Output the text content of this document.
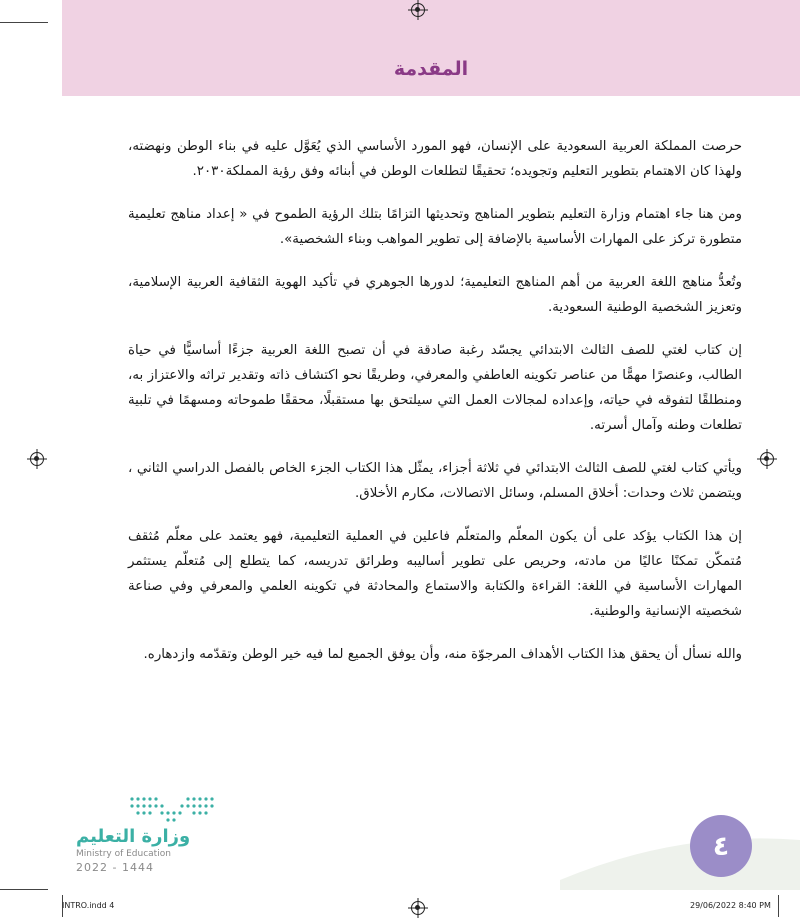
المقدمة

حرصت المملكة العربية السعودية على الإنسان، فهو المورد الأساسي الذي يُعَوَّل عليه في بناء الوطن ونهضته، ولهذا كان الاهتمام بتطوير التعليم وتجويده؛ تحقيقًا لتطلعات الوطن في أبنائه وفق رؤية المملكة٢٠٣٠.

ومن هنا جاء اهتمام وزارة التعليم بتطوير المناهج وتحديثها التزامًا بتلك الرؤية الطموح في « إعداد مناهج تعليمية متطورة تركز على المهارات الأساسية بالإضافة إلى تطوير المواهب وبناء الشخصية».

وتُعدُّ مناهج اللغة العربية من أهم المناهج التعليمية؛ لدورها الجوهري في تأكيد الهوية الثقافية العربية الإسلامية، وتعزيز الشخصية الوطنية السعودية.

إن كتاب لغتي للصف الثالث الابتدائي يجسّد رغبة صادقة في أن تصبح اللغة العربية جزءًا أساسيًّا في حياة الطالب، وعنصرًا مهمًّا من عناصر تكوينه العاطفي والمعرفي، وطريقًا نحو اكتشاف ذاته وتقدير تراثه والاعتزاز به، ومنطلقًا لتفوقه في حياته، وإعداده لمجالات العمل التي سيلتحق بها مستقبلًا، محققًا طموحاته ومسهمًا في تلبية تطلعات وطنه وآمال أسرته.

ويأتي كتاب لغتي للصف الثالث الابتدائي في ثلاثة أجزاء، يمثّل هذا الكتاب الجزء الخاص بالفصل الدراسي الثاني ، ويتضمن ثلاث وحدات: أخلاق المسلم، وسائل الاتصالات، مكارم الأخلاق.

إن هذا الكتاب يؤكد على أن يكون المعلّم والمتعلّم فاعلين في العملية التعليمية، فهو يعتمد على معلّم مُثقف مُتمكّن تمكنًا عاليًا من مادته، وحريص على تطوير أساليبه وطرائق تدريسه، كما يتطلع إلى مُتعلّم يستثمر المهارات الأساسية في اللغة: القراءة والكتابة والاستماع والمحادثة في تكوينه العلمي والمعرفي وفي صناعة شخصيته الإنسانية والوطنية.

والله نسأل أن يحقق هذا الكتاب الأهداف المرجوّة منه، وأن يوفق الجميع لما فيه خير الوطن وتقدّمه وازدهاره.

٤
وزارة التعليم
Ministry of Education
2022 - 1444
INTRO.indd 4	29/06/2022 8:40 PM
